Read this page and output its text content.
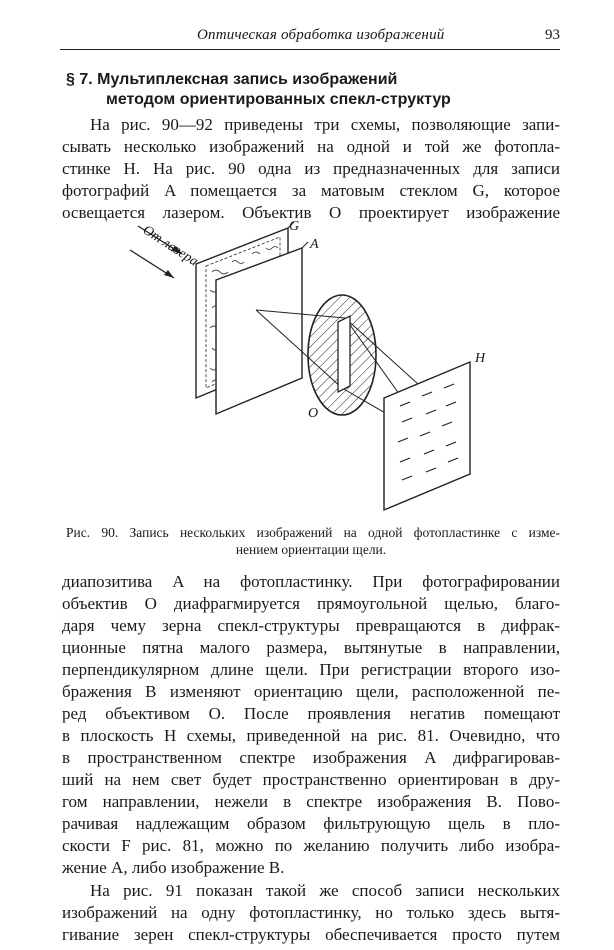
Оптическая обработка изображений	93
§ 7. Мультиплексная запись изображений
методом ориентированных спекл-структур
На рис. 90—92 приведены три схемы, позволяющие запи-
сывать несколько изображений на одной и той же фотопла-
стинке H. На рис. 90 одна из предназначенных для записи
фотографий A помещается за матовым стеклом G, которое
освещается лазером. Объектив O проектирует изображение
От лазера	G
A
O
H
Рис. 90. Запись нескольких изображений на одной фотопластинке с изме-
нением ориентации щели.
диапозитива A на фотопластинку. При фотографировании
объектив O диафрагмируется прямоугольной щелью, благо-
даря чему зерна спекл-структуры превращаются в дифрак-
ционные пятна малого размера, вытянутые в направлении,
перпендикулярном длине щели. При регистрации второго изо-
бражения B изменяют ориентацию щели, расположенной пе-
ред объективом O. После проявления негатив помещают
в плоскость H схемы, приведенной на рис. 81. Очевидно, что
в пространственном спектре изображения A дифрагировав-
ший на нем свет будет пространственно ориентирован в дру-
гом направлении, нежели в спектре изображения B. Пово-
рачивая надлежащим образом фильтрующую щель в пло-
скости F рис. 81, можно по желанию получить либо изобра-
жение A, либо изображение B.
На рис. 91 показан такой же способ записи нескольких
изображений на одну фотопластинку, но только здесь вытя-
гивание зерен спекл-структуры обеспечивается просто путем
